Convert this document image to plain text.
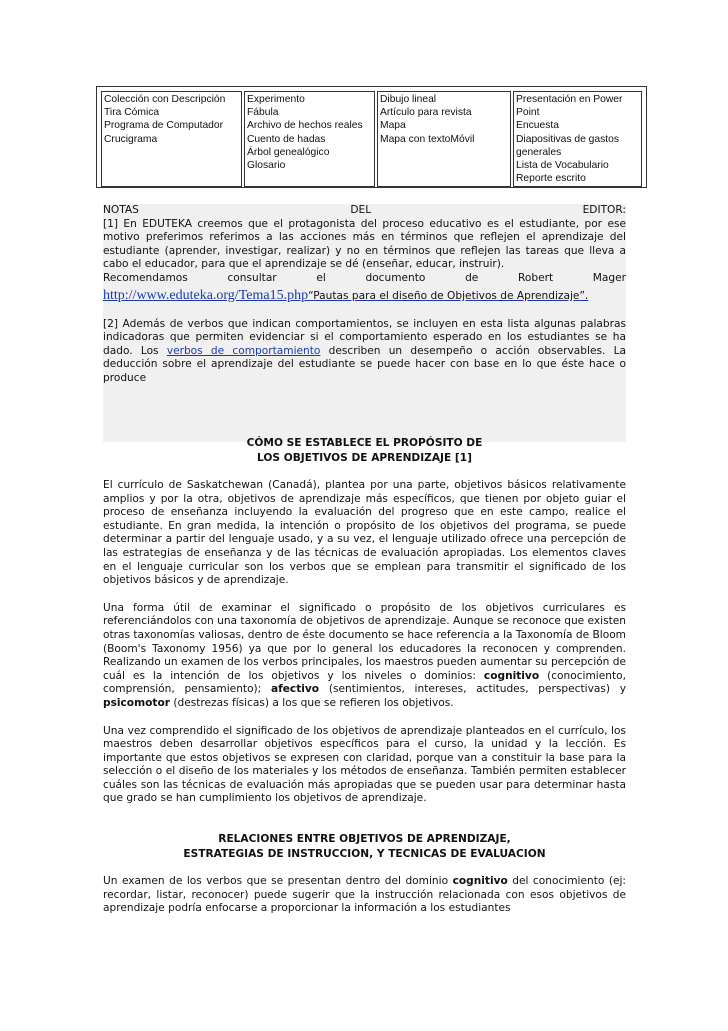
Colección con Descripción
Tira Cómica
Programa de Computador
Crucigrama

Experimento
Fábula
Archivo de hechos reales
Cuento de hadas
Árbol genealógico
Glosario

Dibujo lineal
Artículo para revista
Mapa
Mapa con textoMóvil

Presentación en Power
Point
Encuesta
Diapositivas de gastos
generales
Lista de Vocabulario
Reporte escrito
NOTAS	DEL	EDITOR:

[1] En EDUTEKA creemos que el protagonista del proceso educativo es el estudiante, por ese motivo preferimos referimos a las acciones más en términos que reflejen el aprendizaje del estudiante (aprender, investigar, realizar) y no en términos que reflejen las tareas que lleva a cabo el educador, para que el aprendizaje se dé (enseñar, educar, instruir).

Recomendamos consultar el documento de Robert Mager

http://www.eduteka.org/Tema15.php“Pautas para el diseño de Objetivos de Aprendizaje”.

[2] Además de verbos que indican comportamientos, se incluyen en esta lista algunas palabras indicadoras que permiten evidenciar si el comportamiento esperado en los estudiantes se ha dado. Los verbos de comportamiento describen un desempeño o acción observables. La deducción sobre el aprendizaje del estudiante se puede hacer con base en lo que éste hace o produce

CÓMO SE ESTABLECE EL PROPÓSITO DE

LOS OBJETIVOS DE APRENDIZAJE [1]

El currículo de Saskatchewan (Canadá), plantea por una parte, objetivos básicos relativamente amplios y por la otra, objetivos de aprendizaje más específicos, que tienen por objeto guiar el proceso de enseñanza incluyendo la evaluación del progreso que en este campo, realice el estudiante. En gran medida, la intención o propósito de los objetivos del programa, se puede determinar a partir del lenguaje usado, y a su vez, el lenguaje utilizado ofrece una percepción de las estrategias de enseñanza y de las técnicas de evaluación apropiadas. Los elementos claves en el lenguaje curricular son los verbos que se emplean para transmitir el significado de los objetivos básicos y de aprendizaje.

Una forma útil de examinar el significado o propósito de los objetivos curriculares es referenciándolos con una taxonomía de objetivos de aprendizaje. Aunque se reconoce que existen otras taxonomías valiosas, dentro de éste documento se hace referencia a la Taxonomía de Bloom (Boom's Taxonomy 1956) ya que por lo general los educadores la reconocen y comprenden. Realizando un examen de los verbos principales, los maestros pueden aumentar su percepción de cuál es la intención de los objetivos y los niveles o dominios: cognitivo (conocimiento, comprensión, pensamiento); afectivo (sentimientos, intereses, actitudes, perspectivas) y psicomotor (destrezas físicas) a los que se refieren los objetivos.

Una vez comprendido el significado de los objetivos de aprendizaje planteados en el currículo, los maestros deben desarrollar objetivos específicos para el curso, la unidad y la lección. Es importante que estos objetivos se expresen con claridad, porque van a constituir la base para la selección o el diseño de los materiales y los métodos de enseñanza. También permiten establecer cuáles son las técnicas de evaluación más apropiadas que se pueden usar para determinar hasta que grado se han cumplimiento los objetivos de aprendizaje.

RELACIONES ENTRE OBJETIVOS DE APRENDIZAJE,

ESTRATEGIAS DE INSTRUCCION, Y TECNICAS DE EVALUACION

Un examen de los verbos que se presentan dentro del dominio cognitivo del conocimiento (ej: recordar, listar, reconocer) puede sugerir que la instrucción relacionada con esos objetivos de aprendizaje podría enfocarse a proporcionar la información a los estudiantes
